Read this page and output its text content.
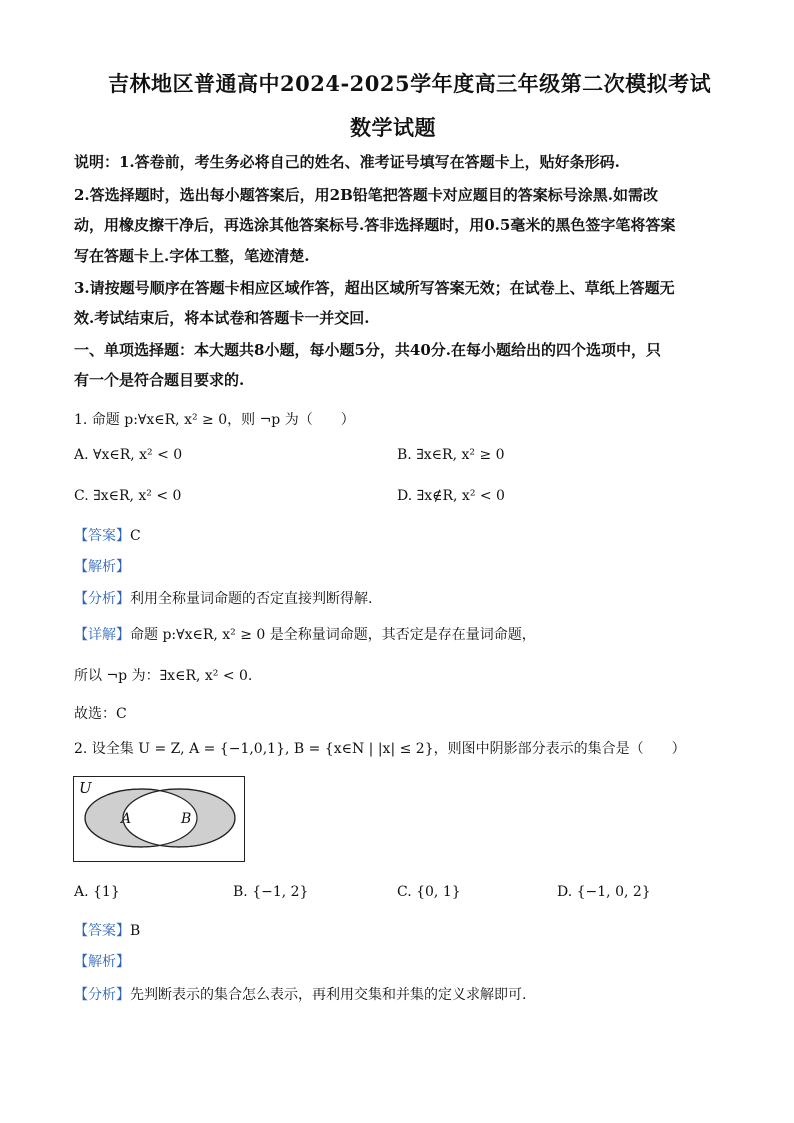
吉林地区普通高中2024-2025学年度高三年级第二次模拟考试
数学试题
说明：1.答卷前，考生务必将自己的姓名、准考证号填写在答题卡上，贴好条形码.
2.答选择题时，选出每小题答案后，用2B铅笔把答题卡对应题目的答案标号涂黑.如需改
动，用橡皮擦干净后，再选涂其他答案标号.答非选择题时，用0.5毫米的黑色签字笔将答案
写在答题卡上.字体工整，笔迹清楚.
3.请按题号顺序在答题卡相应区域作答，超出区域所写答案无效；在试卷上、草纸上答题无
效.考试结束后，将本试卷和答题卡一并交回.
一、单项选择题：本大题共8小题，每小题5分，共40分.在每小题给出的四个选项中，只
有一个是符合题目要求的.
1. 命题 p:∀x∈R, x² ≥ 0，则 ¬p 为（　　）
A. ∀x∈R, x² < 0	B. ∃x∈R, x² ≥ 0
C. ∃x∈R, x² < 0	D. ∃x∉R, x² < 0
【答案】C
【解析】
【分析】利用全称量词命题的否定直接判断得解.
【详解】命题 p:∀x∈R, x² ≥ 0 是全称量词命题，其否定是存在量词命题，
所以 ¬p 为：∃x∈R, x² < 0.
故选：C
2. 设全集 U = Z, A = {−1,0,1}, B = {x∈N | |x| ≤ 2}，则图中阴影部分表示的集合是（　　）
U
A	B
A. {1}	B. {−1, 2}	C. {0, 1}	D. {−1, 0, 2}
【答案】B
【解析】
【分析】先判断表示的集合怎么表示，再利用交集和并集的定义求解即可.
